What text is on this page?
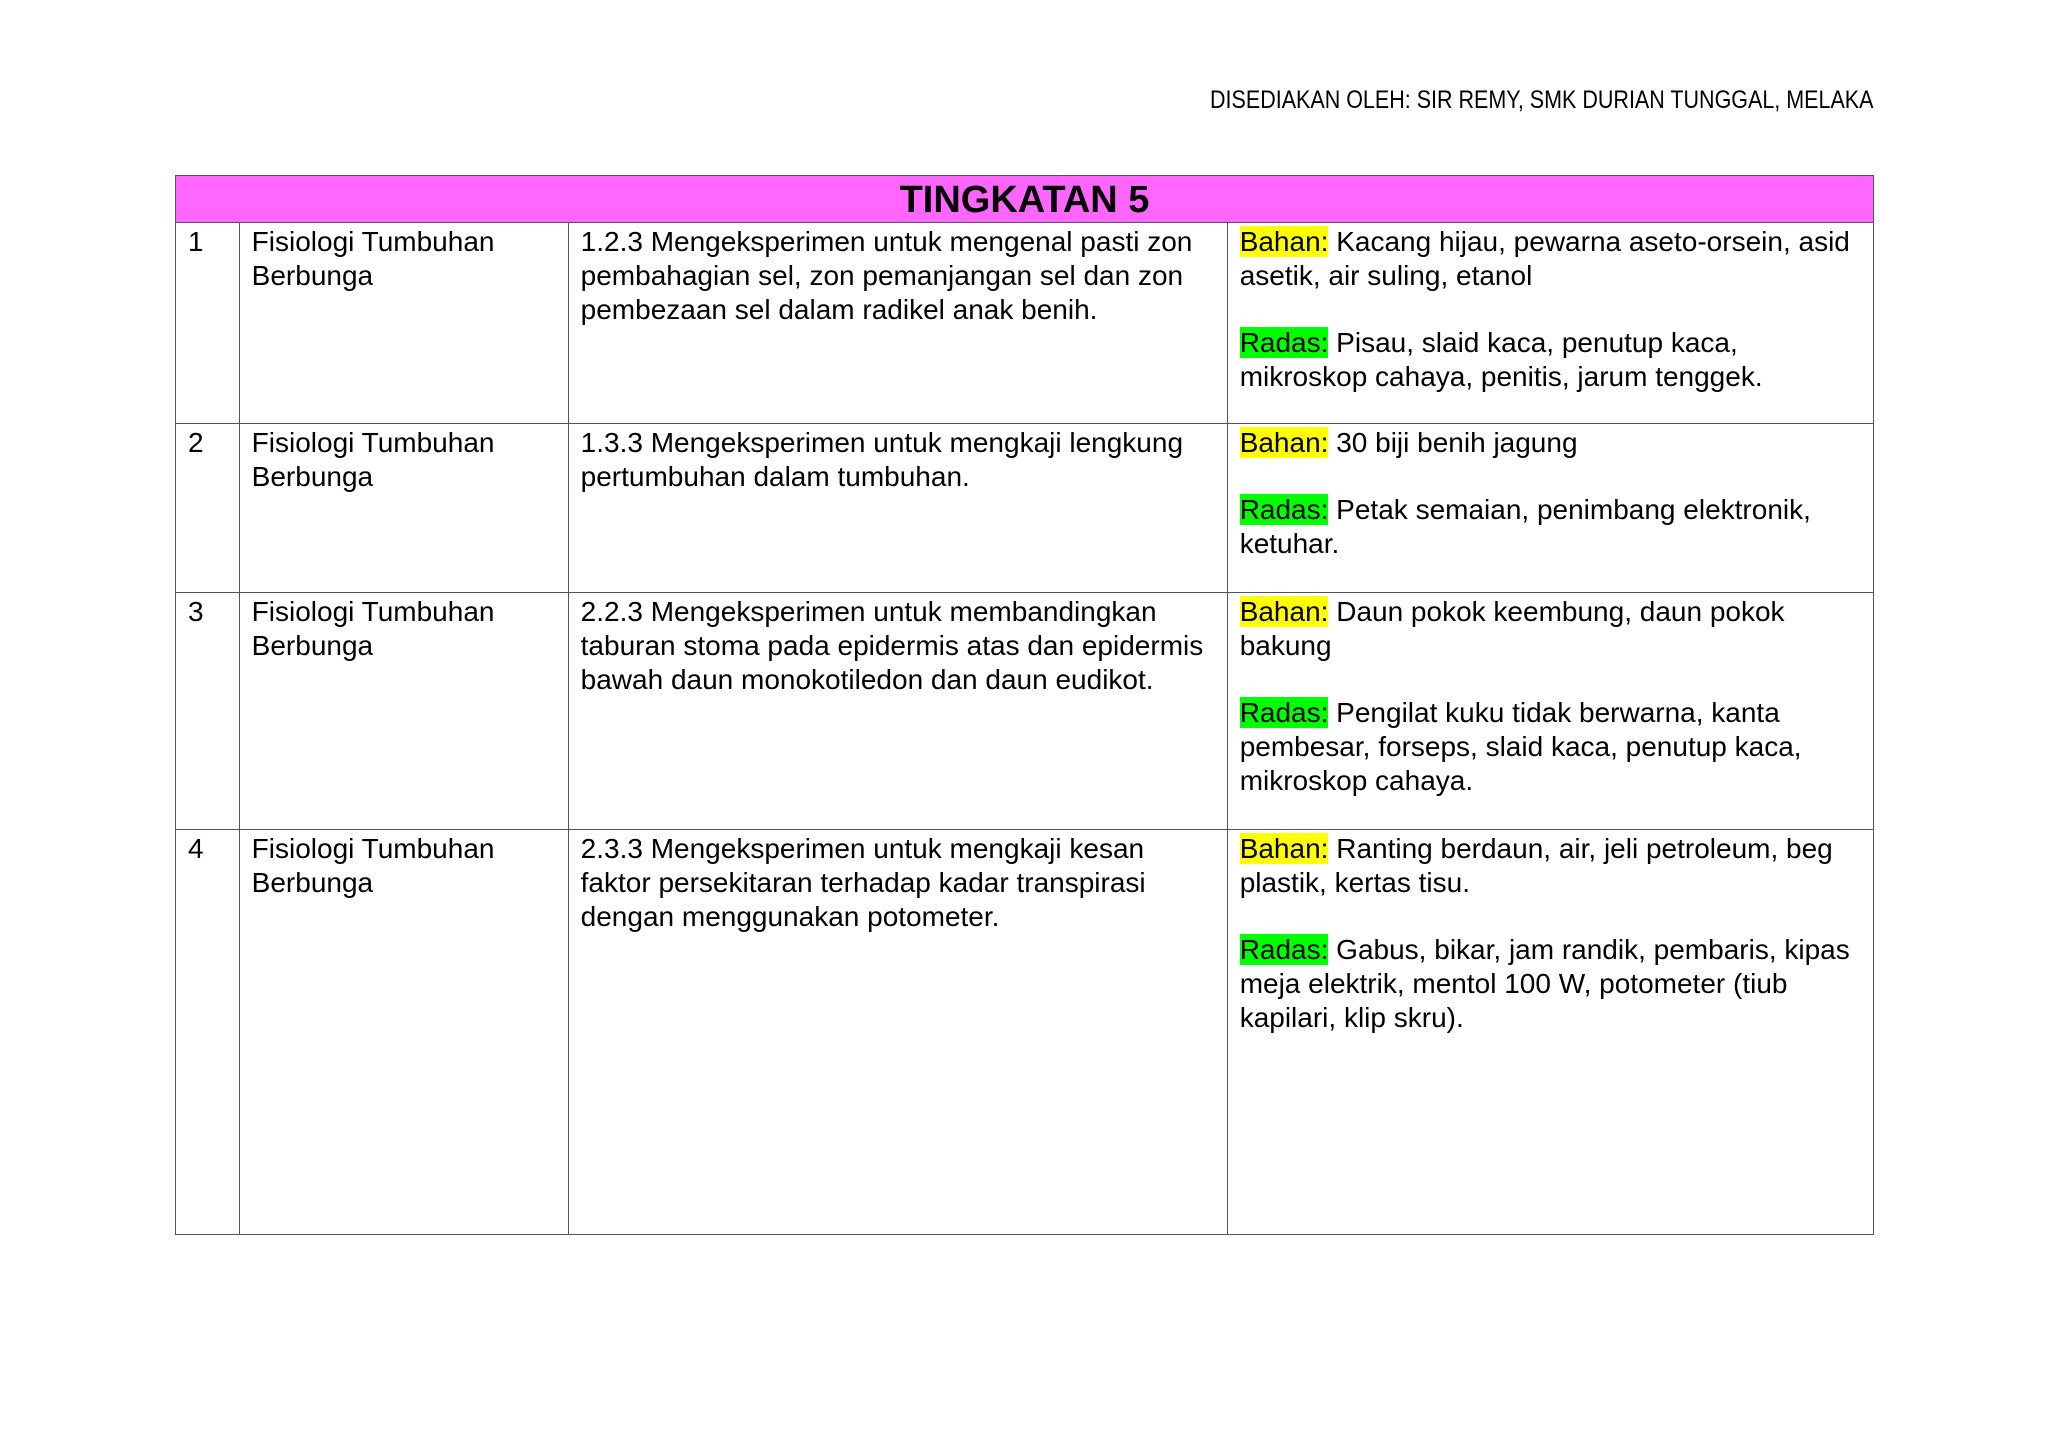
DISEDIAKAN OLEH: SIR REMY, SMK DURIAN TUNGGAL, MELAKA
TINGKATAN 5			
1	Fisiologi Tumbuhan Berbunga	1.2.3 Mengeksperimen untuk mengenal pasti zon pembahagian sel, zon pemanjangan sel dan zon pembezaan sel dalam radikel anak benih.	Bahan: Kacang hijau, pewarna aseto-orsein, asid asetik, air suling, etanol
Radas: Pisau, slaid kaca, penutup kaca, mikroskop cahaya, penitis, jarum tenggek.

2	Fisiologi Tumbuhan Berbunga	1.3.3 Mengeksperimen untuk mengkaji lengkung pertumbuhan dalam tumbuhan.	Bahan: 30 biji benih jagung
Radas: Petak semaian, penimbang elektronik, ketuhar.

3	Fisiologi Tumbuhan Berbunga	2.2.3 Mengeksperimen untuk membandingkan taburan stoma pada epidermis atas dan epidermis bawah daun monokotiledon dan daun eudikot.	Bahan: Daun pokok keembung, daun pokok bakung
Radas: Pengilat kuku tidak berwarna, kanta pembesar, forseps, slaid kaca, penutup kaca, mikroskop cahaya.

4	Fisiologi Tumbuhan Berbunga	2.3.3 Mengeksperimen untuk mengkaji kesan faktor persekitaran terhadap kadar transpirasi dengan menggunakan potometer.	Bahan: Ranting berdaun, air, jeli petroleum, beg plastik, kertas tisu.
Radas: Gabus, bikar, jam randik, pembaris, kipas meja elektrik, mentol 100 W, potometer (tiub kapilari, klip skru).
